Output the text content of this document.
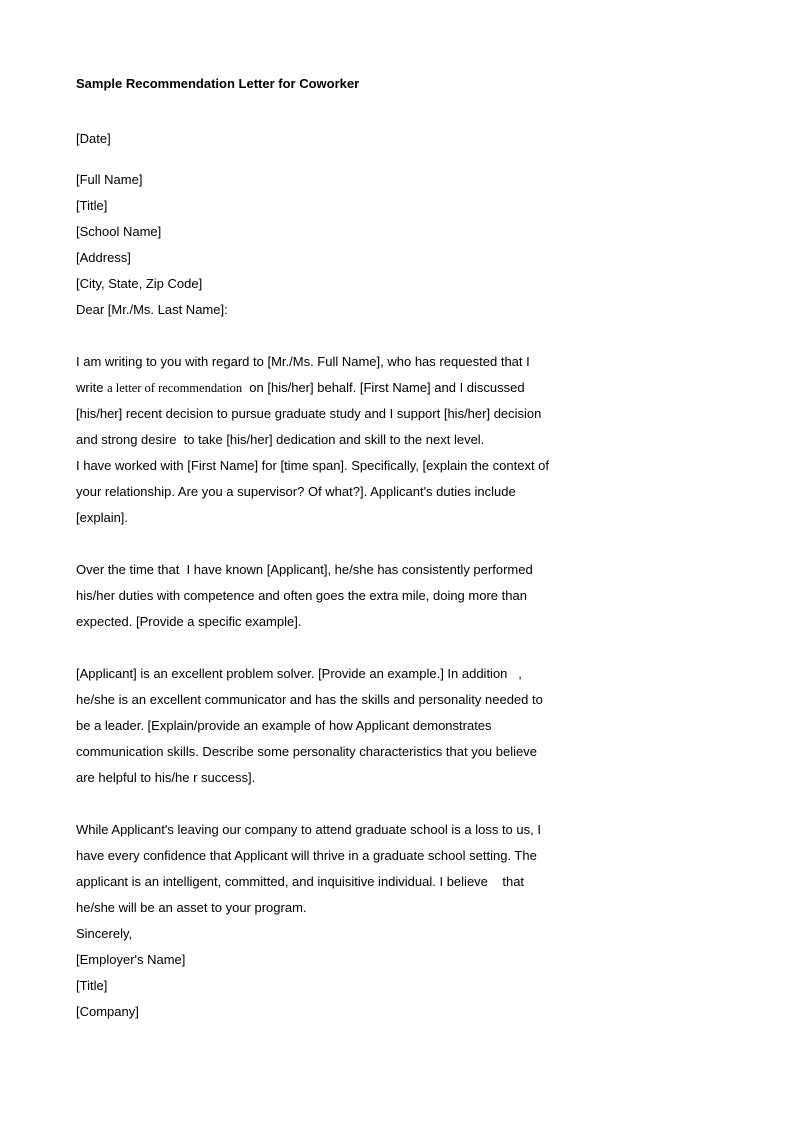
Sample Recommendation Letter for Coworker

[Date]

[Full Name]

[Title]

[School Name]

[Address]

[City, State, Zip Code]

Dear [Mr./Ms. Last Name]:

I am writing to you with regard to [Mr./Ms. Full Name], who has requested that I

write a letter of recommendation  on [his/her] behalf. [First Name] and I discussed

[his/her] recent decision to pursue graduate study and I support [his/her] decision

and strong desire  to take [his/her] dedication and skill to the next level.

I have worked with [First Name] for [time span]. Specifically, [explain the context of

your relationship. Are you a supervisor? Of what?]. Applicant's duties include

[explain].

Over the time that  I have known [Applicant], he/she has consistently performed

his/her duties with competence and often goes the extra mile, doing more than

expected. [Provide a specific example].

[Applicant] is an excellent problem solver. [Provide an example.] In addition   ,

he/she is an excellent communicator and has the skills and personality needed to

be a leader. [Explain/provide an example of how Applicant demonstrates

communication skills. Describe some personality characteristics that you believe

are helpful to his/he r success].

While Applicant's leaving our company to attend graduate school is a loss to us, I

have every confidence that Applicant will thrive in a graduate school setting. The

applicant is an intelligent, committed, and inquisitive individual. I believe    that

he/she will be an asset to your program.

Sincerely,

[Employer's Name]

[Title]

[Company]
